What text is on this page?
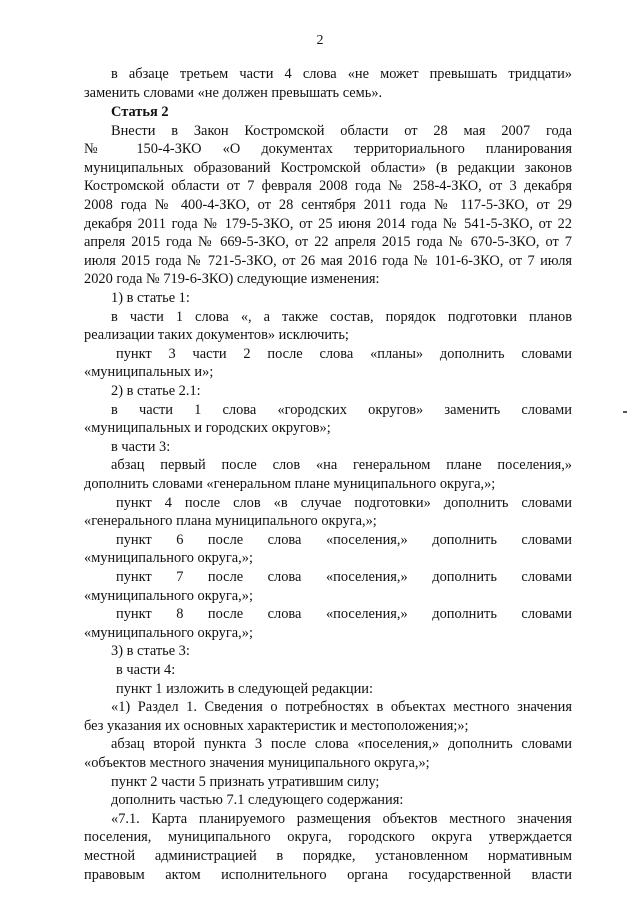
2
в абзаце третьем части 4 слова «не может превышать тридцати»
заменить словами «не должен превышать семь».
Статья 2
Внести в Закон Костромской области от 28 мая 2007 года
№ 150-4-ЗКО «О документах территориального планирования
муниципальных образований Костромской области» (в редакции законов
Костромской области от 7 февраля 2008 года № 258-4-ЗКО, от 3 декабря
2008 года № 400-4-ЗКО, от 28 сентября 2011 года № 117-5-ЗКО, от 29
декабря 2011 года № 179-5-ЗКО, от 25 июня 2014 года № 541-5-ЗКО, от 22
апреля 2015 года № 669-5-ЗКО, от 22 апреля 2015 года № 670-5-ЗКО, от 7
июля 2015 года № 721-5-ЗКО, от 26 мая 2016 года № 101-6-ЗКО, от 7 июля
2020 года № 719-6-ЗКО) следующие изменения:
1) в статье 1:
в части 1 слова «, а также состав, порядок подготовки планов
реализации таких документов» исключить;
пункт 3 части 2 после слова «планы» дополнить словами
«муниципальных и»;
2) в статье 2.1:
в части 1 слова «городских округов» заменить словами
«муниципальных и городских округов»;
в части 3:
абзац первый после слов «на генеральном плане поселения,»
дополнить словами «генеральном плане муниципального округа,»;
пункт 4 после слов «в случае подготовки» дополнить словами
«генерального плана муниципального округа,»;
пункт 6 после слова «поселения,» дополнить словами
«муниципального округа,»;
пункт 7 после слова «поселения,» дополнить словами
«муниципального округа,»;
пункт 8 после слова «поселения,» дополнить словами
«муниципального округа,»;
3) в статье 3:
в части 4:
пункт 1 изложить в следующей редакции:
«1) Раздел 1. Сведения о потребностях в объектах местного значения
без указания их основных характеристик и местоположения;»;
абзац второй пункта 3 после слова «поселения,» дополнить словами
«объектов местного значения муниципального округа,»;
пункт 2 части 5 признать утратившим силу;
дополнить частью 7.1 следующего содержания:
«7.1. Карта планируемого размещения объектов местного значения
поселения, муниципального округа, городского округа утверждается
местной администрацией в порядке, установленном нормативным
правовым актом исполнительного органа государственной власти
